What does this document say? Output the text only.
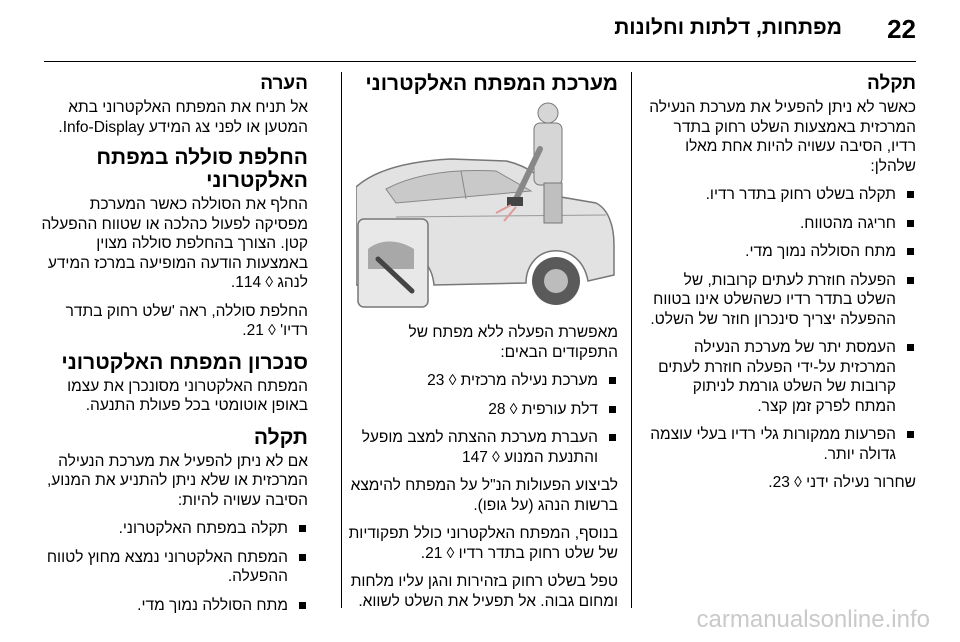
22
מפתחות, דלתות וחלונות
תקלה

כאשר לא ניתן להפעיל את מערכת הנעילה המרכזית באמצעות השלט רחוק בתדר רדיו, הסיבה עשויה להיות אחת מאלו שלהלן:

תקלה בשלט רחוק בתדר רדיו.
חריגה מהטווח.
מתח הסוללה נמוך מדי.
הפעלה חוזרת לעתים קרובות, של השלט בתדר רדיו כשהשלט אינו בטווח ההפעלה יצריך סינכרון חוזר של השלט.
העמסת יתר של מערכת הנעילה המרכזית על-ידי הפעלה חוזרת לעתים קרובות של השלט גורמת לניתוק המתח לפרק זמן קצר.
הפרעות ממקורות גלי רדיו בעלי עוצמה גדולה יותר.

שחרור נעילה ידני ◊ 23.

מערכת המפתח האלקטרוני

מאפשרת הפעלה ללא מפתח של התפקודים הבאים:

מערכת נעילה מרכזית ◊ 23
דלת עורפית ◊ 28
העברת מערכת ההצתה למצב מופעל והתנעת המנוע ◊ 147

לביצוע הפעולות הנ"ל על המפתח להימצא ברשות הנהג (על גופו).

בנוסף, המפתח האלקטרוני כולל תפקודיות של שלט רחוק בתדר רדיו ◊ 21.

טפל בשלט רחוק בזהירות והגן עליו מלחות ומחום גבוה. אל תפעיל את השלט לשווא.

הערה

אל תניח את המפתח האלקטרוני בתא המטען או לפני צג המידע Info-Display.

החלפת סוללה במפתח האלקטרוני

החלף את הסוללה כאשר המערכת מפסיקה לפעול כהלכה או שטווח ההפעלה קטן. הצורך בהחלפת סוללה מצוין באמצעות הודעה המופיעה במרכז המידע לנהג ◊ 114.

החלפת סוללה, ראה 'שלט רחוק בתדר רדיו' ◊ 21.

סנכרון המפתח האלקטרוני

המפתח האלקטרוני מסונכרן את עצמו באופן אוטומטי בכל פעולת התנעה.

תקלה

אם לא ניתן להפעיל את מערכת הנעילה המרכזית או שלא ניתן להתניע את המנוע, הסיבה עשויה להיות:

תקלה במפתח האלקטרוני.
המפתח האלקטרוני נמצא מחוץ לטווח ההפעלה.
מתח הסוללה נמוך מדי.
carmanualsonline.info
